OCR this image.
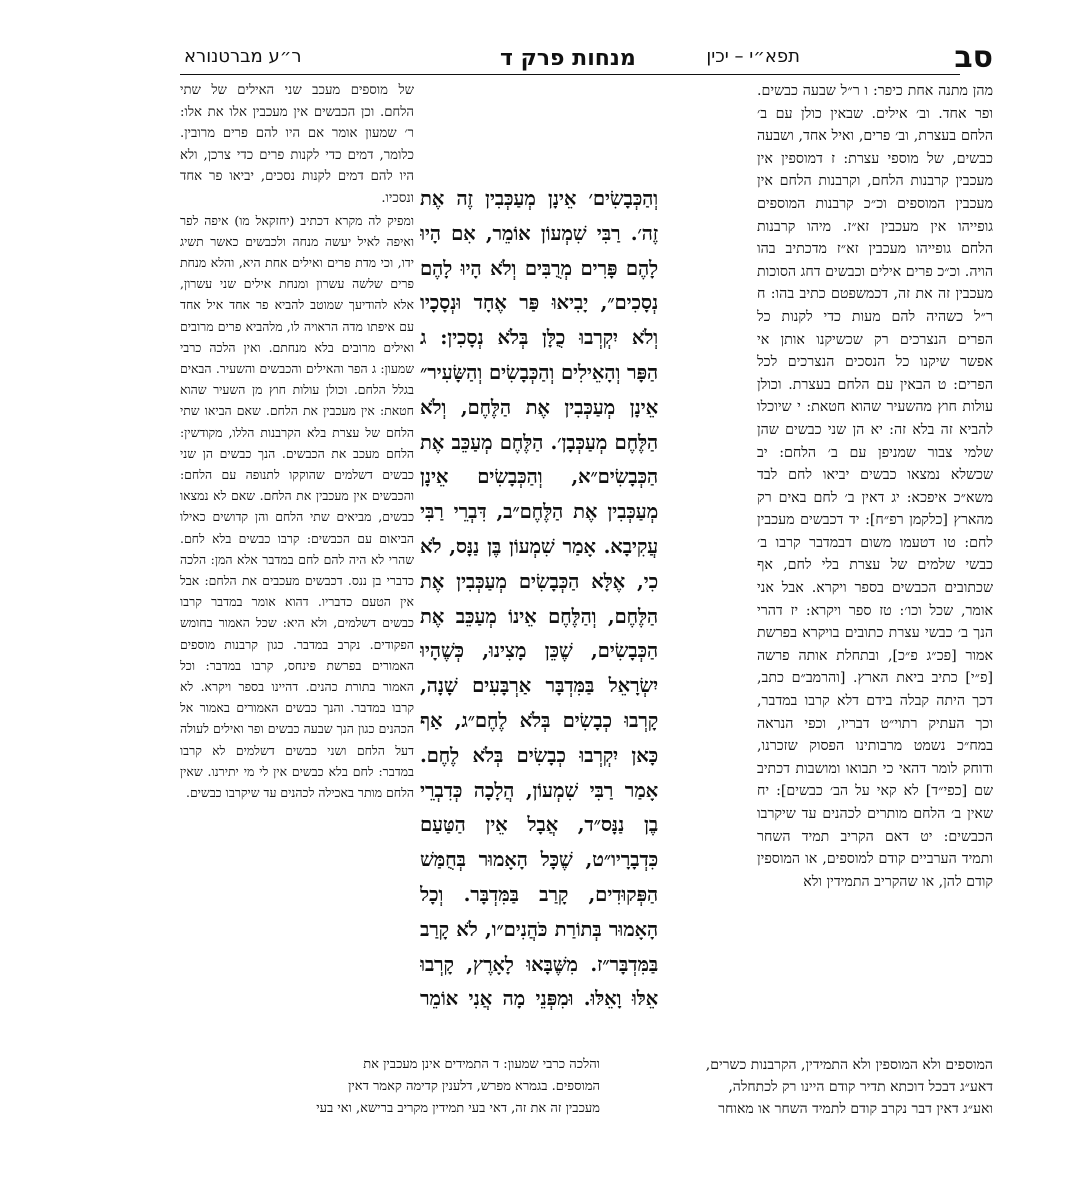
סב
תפא״י – יכין
מנחות פרק ד
ר״ע מברטנורא

מהן מתנה אחת כיפר: ו ר״ל שבעה כבשים. ופר אחד. וב׳ אילים. שבאין כולן עם ב׳ הלחם בעצרת, וב׳ פרים, ואיל אחד, ושבעה כבשים, של מוספי עצרת: ז דמוספין אין מעכבין קרבנות הלחם, וקרבנות הלחם אין מעכבין המוספים וכ״כ קרבנות המוספים גופייהו אין מעכבין זא״ז. מיהו קרבנות הלחם גופייהו מעכבין זא״ז מדכתיב בהו הויה. וכ״כ פרים אילים וכבשים דחג הסוכות מעכבין זה את זה, דכמשפטם כתיב בהו: ח ר״ל כשהיה להם מעות כדי לקנות כל הפרים הנצרכים רק שכשיקנו אותן אי אפשר שיקנו כל הנסכים הנצרכים לכל הפרים: ט הבאין עם הלחם בעצרת. וכולן עולות חוץ מהשעיר שהוא חטאת: י שיוכלו להביא זה בלא זה: יא הן שני כבשים שהן שלמי צבור שמניפן עם ב׳ הלחם: יב שכשלא נמצאו כבשים יביאו לחם לבד משא״כ איפכא: יג דאין ב׳ לחם באים רק מהארץ [כלקמן רפ״ח]: יד דכבשים מעכבין לחם: טו דטעמו משום דבמדבר קרבו ב׳ כבשי שלמים של עצרת בלי לחם, אף שכתובים הכבשים בספר ויקרא. אבל אני אומר, שכל וכו׳: טז ספר ויקרא: יז דהרי הנך ב׳ כבשי עצרת כתובים בויקרא בפרשת אמור [פכ״ג פ״כ], ובתחלת אותה פרשה [פ״י] כתיב ביאת הארץ. [והרמב״ם כתב, דכך היתה קבלה בידם דלא קרבו במדבר, וכך העתיק רתוי״ט דבריו, וכפי הנראה במח״כ נשמט מרבותינו הפסוק שזכרנו, ודוחק לומר דהאי כי תבואו ומושבות דכתיב שם [כפי״ד] לא קאי על הב׳ כבשים]: יח שאין ב׳ הלחם מותרים לכהנים עד שיקרבו הכבשים: יט דאם הקריב תמיד השחר ותמיד הערביים קודם למוספים, או המוספין קודם להן, או שהקריב התמידין ולא

וְהַכְּבָשִׂים׳ אֵינָן מְעַכְּבִין זֶה אֶת זֶה׳. רַבִּי שִׁמְעוֹן אוֹמֵר, אִם הָיוּ לָהֶם פָּרִים מְרֻבִּים וְלֹא הָיוּ לָהֶם נְסָכִים״, יָבִיאוּ פַּר אֶחָד וּנְסָכָיו וְלֹא יִקְרְבוּ כֻלָּן בְּלֹא נְסָכִין: ג הַפָּר וְהָאֵילִים וְהַכְּבָשִׂים וְהַשָּׂעִיר״ אֵינָן מְעַכְּבִין אֶת הַלֶּחֶם, וְלֹא הַלֶּחֶם מְעַכְּבָן׳. הַלֶּחֶם מְעַכֵּב אֶת הַכְּבָשִׂים״א, וְהַכְּבָשִׂים אֵינָן מְעַכְּבִין אֶת הַלֶּחֶם״ב, דִּבְרֵי רַבִּי עֲקִיבָא. אָמַר שִׁמְעוֹן בֶּן נַנָּס, לֹא כִי, אֶלָּא הַכְּבָשִׂים מְעַכְּבִין אֶת הַלֶּחֶם, וְהַלֶּחֶם אֵינוֹ מְעַכֵּב אֶת הַכְּבָשִׂים, שֶׁכֵּן מָצִינוּ, כְּשֶׁהָיוּ יִשְׂרָאֵל בַּמִּדְבָּר אַרְבָּעִים שָׁנָה, קָרְבוּ כְבָשִׂים בְּלֹא לֶחֶם״ג, אַף כָּאן יִקְרְבוּ כְבָשִׂים בְּלֹא לֶחֶם. אָמַר רַבִּי שִׁמְעוֹן, הֲלָכָה כְּדִבְרֵי בֶן נַנָּס״ד, אֲבָל אֵין הַטַּעַם כִּדְבָרָיו״ט, שֶׁכָּל הָאָמוּר בְּחֻמַּשׁ הַפְּקוּדִים, קָרַב בַּמִּדְבָּר. וְכָל הָאָמוּר בְּתוֹרַת כֹּהֲנִים״ו, לֹא קָרַב בַּמִּדְבָּר״ז. מִשֶּׁבָּאוּ לָאָרֶץ, קָרְבוּ אֵלּוּ וָאֵלּוּ. וּמִפְּנֵי מָה אֲנִי אוֹמֵר

של מוספים מעכב שני האילים של שתי הלחם. וכן הכבשים אין מעכבין אלו את אלו: ר׳ שמעון אומר אם היו להם פרים מרובין. כלומר, דמים כדי לקנות פרים כדי צרכן, ולא היו להם דמים לקנות נסכים, יביאו פר אחד ונסכיו.

ומפיק לה מקרא דכתיב (יחזקאל מו) איפה לפר ואיפה לאיל יעשה מנחה ולכבשים כאשר תשיג ידו, וכי מדת פרים ואילים אחת היא, והלא מנחת פרים שלשה עשרון ומנחת אילים שני עשרון, אלא להודיעך שמוטב להביא פר אחד איל אחד עם איפתו מדה הראויה לו, מלהביא פרים מרובים ואילים מרובים בלא מנחתם. ואין הלכה כרבי שמעון: ג הפר והאילים והכבשים והשעיר. הבאים בגלל הלחם. וכולן עולות חוץ מן השעיר שהוא חטאת: אין מעכבין את הלחם. שאם הביאו שתי הלחם של עצרת בלא הקרבנות הללו, מקודשין: הלחם מעכב את הכבשים. הנך כבשים הן שני כבשים דשלמים שהוקקו לתנופה עם הלחם: והכבשים אין מעכבין את הלחם. שאם לא נמצאו כבשים, מביאים שתי הלחם והן קדושים כאילו הביאום עם הכבשים: קרבו כבשים בלא לחם. שהרי לא היה להם לחם במדבר אלא המן: הלכה כדברי בן ננס. דכבשים מעכבים את הלחם: אבל אין הטעם כדבריו. דהוא אומר במדבר קרבו כבשים דשלמים, ולא היא: שכל האמור בחומש הפקודים. נקרב במדבר. כגון קרבנות מוספים האמורים בפרשת פינחס, קרבו במדבר: וכל האמור בתורת כהנים. דהיינו בספר ויקרא. לא קרבו במדבר. והנך כבשים האמורים באמור אל הכהנים כגון הנך שבעה כבשים ופר ואילים לעולה דעל הלחם ושני כבשים דשלמים לא קרבו במדבר: לחם בלא כבשים אין לי מי יתירנו. שאין הלחם מותר באכילה לכהנים עד שיקרבו כבשים.

המוספים ולא המוספין ולא התמידין, הקרבנות כשרים,

דאע״ג דבכל דוכתא תדיר קודם היינו רק לכתחלה,

ואע״ג דאין דבר נקרב קודם לתמיד השחר או מאוחר

והלכה כרבי שמעון: ד התמידים אינן מעכבין את

המוספים. בגמרא מפרש, דלענין קדימה קאמר דאין

מעכבין זה את זה, דאי בעי תמידין מקריב ברישא, ואי בעי
